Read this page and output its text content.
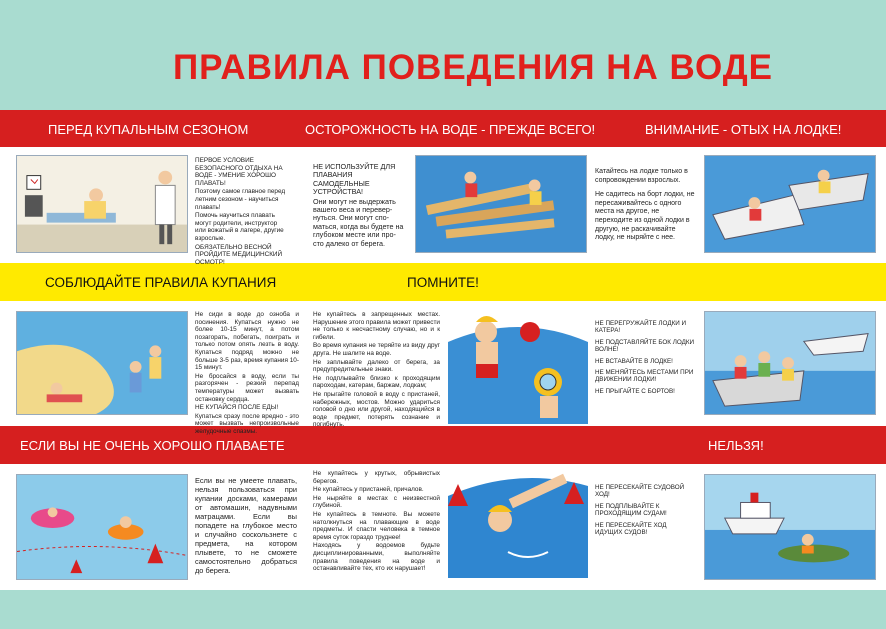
ПРАВИЛА ПОВЕДЕНИЯ НА ВОДЕ
ПЕРЕД КУПАЛЬНЫМ СЕЗОНОМ	ОСТОРОЖНОСТЬ НА ВОДЕ - ПРЕЖДЕ ВСЕГО!	ВНИМАНИЕ - ОТЫХ НА ЛОДКЕ!
СОБЛЮДАЙТЕ ПРАВИЛА КУПАНИЯ	ПОМНИТЕ!
ЕСЛИ ВЫ НЕ ОЧЕНЬ ХОРОШО ПЛАВАЕТЕ	НЕЛЬЗЯ!

ПЕРВОЕ УСЛОВИЕ БЕЗОПАСНОГО ОТДЫХА НА ВОДЕ - УМЕНИЕ ХОРОШО ПЛАВАТЬ!

Поэтому самое главное перед летним сезоном - научиться плавать!

Помочь научиться плавать могут родители, инструктор или вожатый в лагере, другие взрослые.

ОБЯЗАТЕЛЬНО ВЕСНОЙ ПРОЙДИТЕ МЕДИЦИНСКИЙ ОСМОТР!

НЕ ИСПОЛЬЗУЙТЕ ДЛЯ ПЛАВАНИЯ САМОДЕЛЬНЫЕ УСТРОЙСТВА!

Они могут не выдержать вашего веса и перевер-нуться. Они могут спо-маться, когда вы будете на глубоком месте или про-сто далеко от берега.

Катайтесь на лодке только в сопровождении взрослых.

Не садитесь на борт лодки, не пересаживайтесь с одного места на другое, не переходите из одной лодки в другую, не раскачивайте лодку, не ныряйте с нее.

Не сиди в воде до озноба и посинения. Купаться нужно не более 10-15 минут, а потом позагорать, побегать, поиграть и только потом опять лезть в воду. Купаться подряд можно не больше 3-5 раз, время купания 10-15 минут.

Не бросайся в воду, если ты разгорячен - резкий перепад температуры может вызвать остановку сердца.

НЕ КУПАЙСЯ ПОСЛЕ ЕДЫ!

Купаться сразу после вредно - это может вызвать непроизвольные желудочные спазмы.

Не купайтесь в запрещенных местах. Нарушение этого правила может привести не только к несчастному случаю, но и к гибели.

Во время купания не теряйте из виду друг друга. Не шалите на воде.

Не заплывайте далеко от берега, за предупредительные знаки.

Не подплывайте близко к проходящим пароходам, катерам, баржам, лодкам;

Не прыгайте головой в воду с пристаней, набережных, мостов. Можно удариться головой о дно или другой, находящийся в воде предмет, потерять сознание и погибнуть.

НЕ ПЕРЕГРУЖАЙТЕ ЛОДКИ И КАТЕРА!

НЕ ПОДСТАВЛЯЙТЕ БОК ЛОДКИ ВОЛНЕ!

НЕ ВСТАВАЙТЕ В ЛОДКЕ!

НЕ МЕНЯЙТЕСЬ МЕСТАМИ ПРИ ДВИЖЕНИИ ЛОДКИ!

НЕ ПРЫГАЙТЕ С БОРТОВ!

Если вы не умеете плавать, нельзя пользоваться при купании досками, камерами от автомашин, надувными матрацами. Если вы попадете на глубокое место и случайно соскользнете с предмета, на котором плывете, то не сможете самостоятельно добраться до берега.

Не купайтесь у крутых, обрывистых берегов.

Не купайтесь у пристаней, причалов.

Не ныряйте в местах с неизвестной глубиной.

Не купайтесь в темноте. Вы можете натолкнуться на плавающие в воде предметы. И спасти человека в темное время суток гораздо труднее!

Находясь у водоемов будьте дисциплинированными, выполняйте правила поведения на воде и останавливайте тех, кто их нарушает!

НЕ ПЕРЕСЕКАЙТЕ СУДОВОЙ ХОД!

НЕ ПОДПЛЫВАЙТЕ К ПРОХОДЯЩИМ СУДАМ!

НЕ ПЕРЕСЕКАЙТЕ ХОД ИДУЩИХ СУДОВ!
